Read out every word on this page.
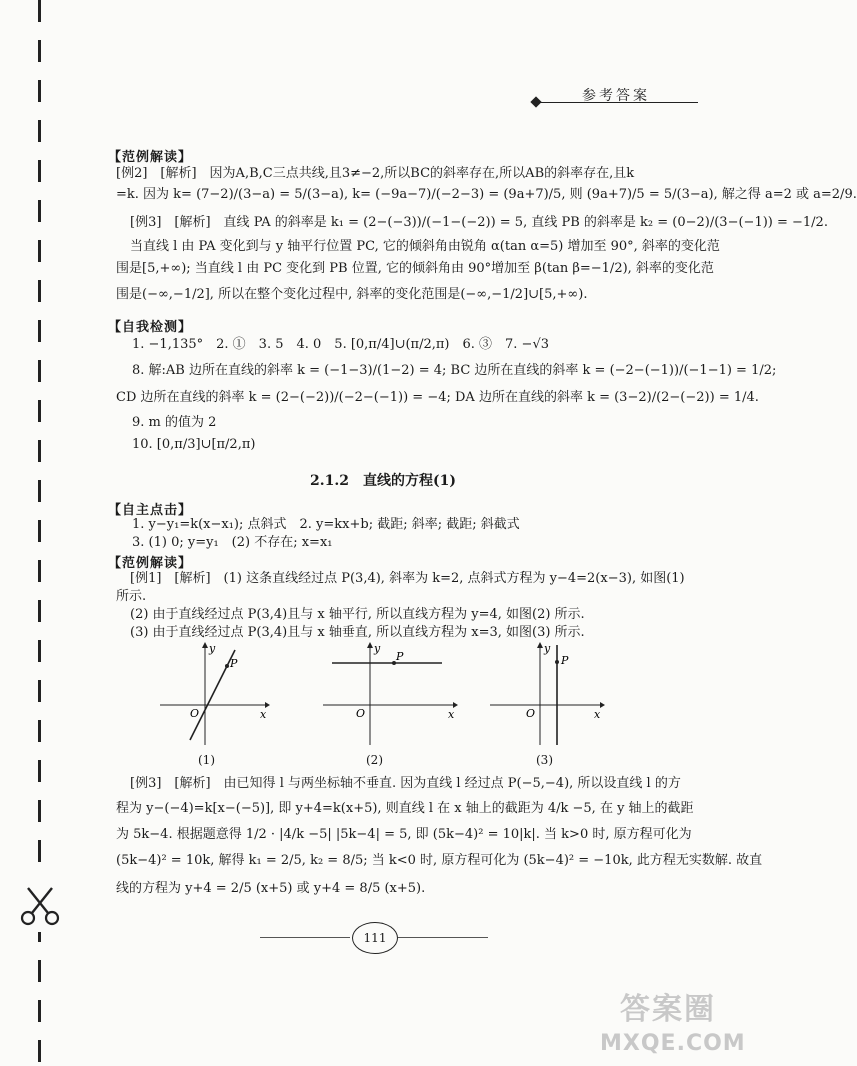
参考答案
【范例解读】
[例2]　[解析]　因为A,B,C三点共线,且3≠−2,所以BC的斜率存在,所以AB的斜率存在,且k
=k. 因为 k= (7−2)/(3−a) = 5/(3−a), k= (−9a−7)/(−2−3) = (9a+7)/5, 则 (9a+7)/5 = 5/(3−a), 解之得 a=2 或 a=2/9.
[例3]　[解析]　直线 PA 的斜率是 k₁ = (2−(−3))/(−1−(−2)) = 5, 直线 PB 的斜率是 k₂ = (0−2)/(3−(−1)) = −1/2.
当直线 l 由 PA 变化到与 y 轴平行位置 PC, 它的倾斜角由锐角 α(tan α=5) 增加至 90°, 斜率的变化范
围是[5,+∞); 当直线 l 由 PC 变化到 PB 位置, 它的倾斜角由 90°增加至 β(tan β=−1/2), 斜率的变化范
围是(−∞,−1/2], 所以在整个变化过程中, 斜率的变化范围是(−∞,−1/2]∪[5,+∞).
【自我检测】
1. −1,135°　2. ①　3. 5　4. 0　5. [0,π/4]∪(π/2,π)　6. ③　7. −√3
8. 解:AB 边所在直线的斜率 k = (−1−3)/(1−2) = 4; BC 边所在直线的斜率 k = (−2−(−1))/(−1−1) = 1/2;
CD 边所在直线的斜率 k = (2−(−2))/(−2−(−1)) = −4; DA 边所在直线的斜率 k = (3−2)/(2−(−2)) = 1/4.
9. m 的值为 2
10. [0,π/3]∪[π/2,π)
2.1.2　直线的方程(1)
【自主点击】
1. y−y₁=k(x−x₁); 点斜式　2. y=kx+b; 截距; 斜率; 截距; 斜截式
3. (1) 0; y=y₁　(2) 不存在; x=x₁
【范例解读】
[例1]　[解析]　(1) 这条直线经过点 P(3,4), 斜率为 k=2, 点斜式方程为 y−4=2(x−3), 如图(1)
所示.
(2) 由于直线经过点 P(3,4)且与 x 轴平行, 所以直线方程为 y=4, 如图(2) 所示.
(3) 由于直线经过点 P(3,4)且与 x 轴垂直, 所以直线方程为 x=3, 如图(3) 所示.
y
x
O
P
y
x
O
P
y
x
O
P
(1)	(2)	(3)
[例3]　[解析]　由已知得 l 与两坐标轴不垂直. 因为直线 l 经过点 P(−5,−4), 所以设直线 l 的方
程为 y−(−4)=k[x−(−5)], 即 y+4=k(x+5), 则直线 l 在 x 轴上的截距为 4/k −5, 在 y 轴上的截距
为 5k−4. 根据题意得 1/2 · |4/k −5| |5k−4| = 5, 即 (5k−4)² = 10|k|. 当 k>0 时, 原方程可化为
(5k−4)² = 10k, 解得 k₁ = 2/5, k₂ = 8/5; 当 k<0 时, 原方程可化为 (5k−4)² = −10k, 此方程无实数解. 故直
线的方程为 y+4 = 2/5 (x+5) 或 y+4 = 8/5 (x+5).
111
答案圈
MXQE.COM
